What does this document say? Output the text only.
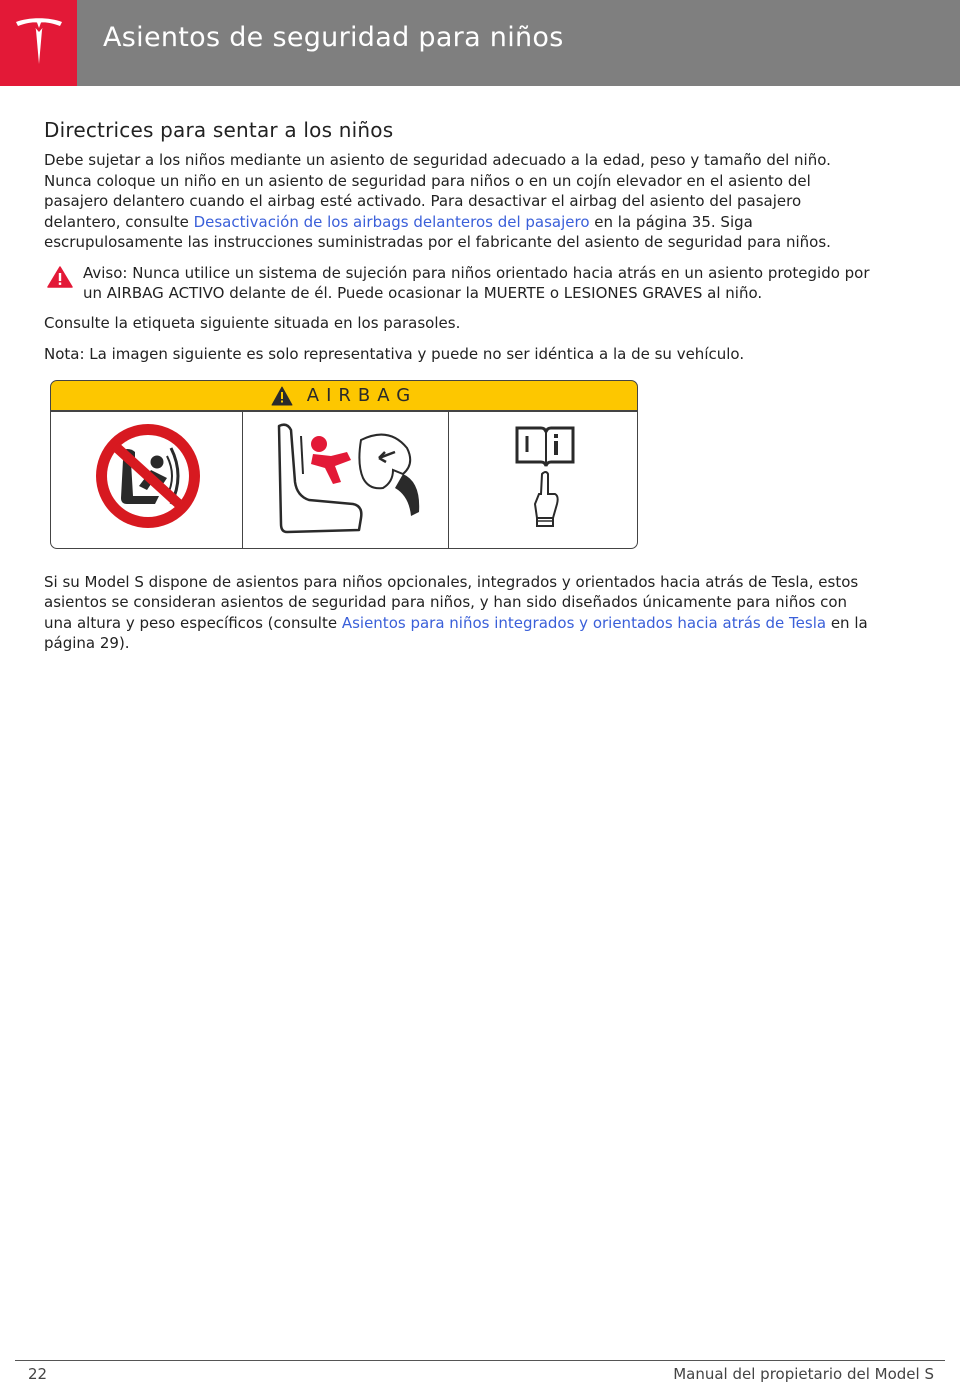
Asientos de seguridad para niños
Directrices para sentar a los niños

Debe sujetar a los niños mediante un asiento de seguridad adecuado a la edad, peso y tamaño del niño. Nunca coloque un niño en un asiento de seguridad para niños o en un cojín elevador en el asiento del pasajero delantero cuando el airbag esté activado. Para desactivar el airbag del asiento del pasajero delantero, consulte Desactivación de los airbags delanteros del pasajero en la página 35. Siga escrupulosamente las instrucciones suministradas por el fabricante del asiento de seguridad para niños.

Aviso: Nunca utilice un sistema de sujeción para niños orientado hacia atrás en un asiento protegido por un AIRBAG ACTIVO delante de él. Puede ocasionar la MUERTE o LESIONES GRAVES al niño.

Consulte la etiqueta siguiente situada en los parasoles.

Nota: La imagen siguiente es solo representativa y puede no ser idéntica a la de su vehículo.

AIRBAG

Si su Model S dispone de asientos para niños opcionales, integrados y orientados hacia atrás de Tesla, estos asientos se consideran asientos de seguridad para niños, y han sido diseñados únicamente para niños con una altura y peso específicos (consulte Asientos para niños integrados y orientados hacia atrás de Tesla en la página 29).

22	Manual del propietario del Model S
